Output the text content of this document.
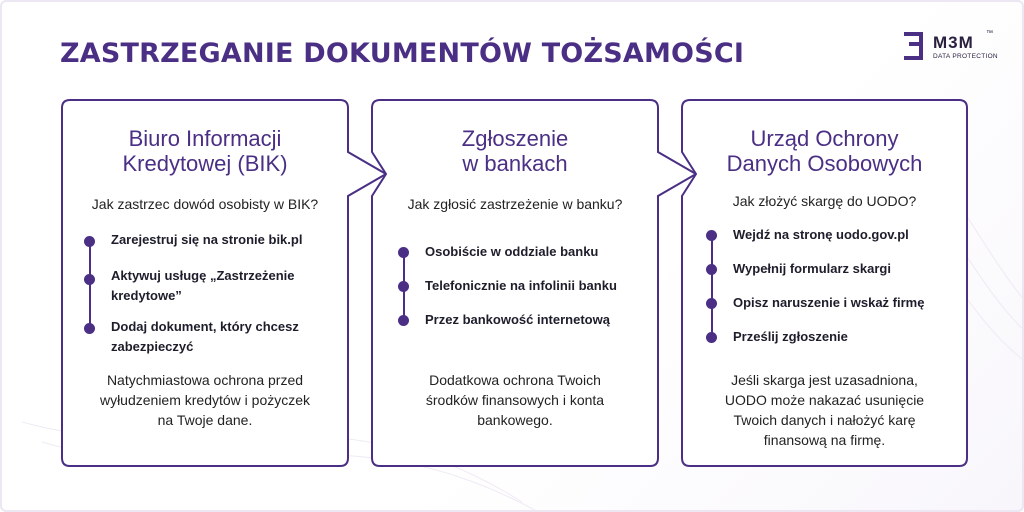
ZASTRZEGANIE DOKUMENTÓW TOŻSAMOŚCI	M3M ™
DATA PROTECTION
Biuro Informacji
Kredytowej (BIK)
Jak zastrzec dowód osobisty w BIK?
Zarejestruj się na stronie bik.pl
Aktywuj usługę „Zastrzeżenie
kredytowe”
Dodaj dokument, który chcesz
zabezpieczyć
Natychmiastowa ochrona przed
wyłudzeniem kredytów i pożyczek
na Twoje dane.
Zgłoszenie
w bankach
Jak zgłosić zastrzeżenie w banku?
Osobiście w oddziale banku
Telefonicznie na infolinii banku
Przez bankowość internetową
Dodatkowa ochrona Twoich
środków finansowych i konta
bankowego.
Urząd Ochrony
Danych Osobowych
Jak złożyć skargę do UODO?
Wejdź na stronę uodo.gov.pl
Wypełnij formularz skargi
Opisz naruszenie i wskaż firmę
Prześlij zgłoszenie
Jeśli skarga jest uzasadniona,
UODO może nakazać usunięcie
Twoich danych i nałożyć karę
finansową na firmę.
